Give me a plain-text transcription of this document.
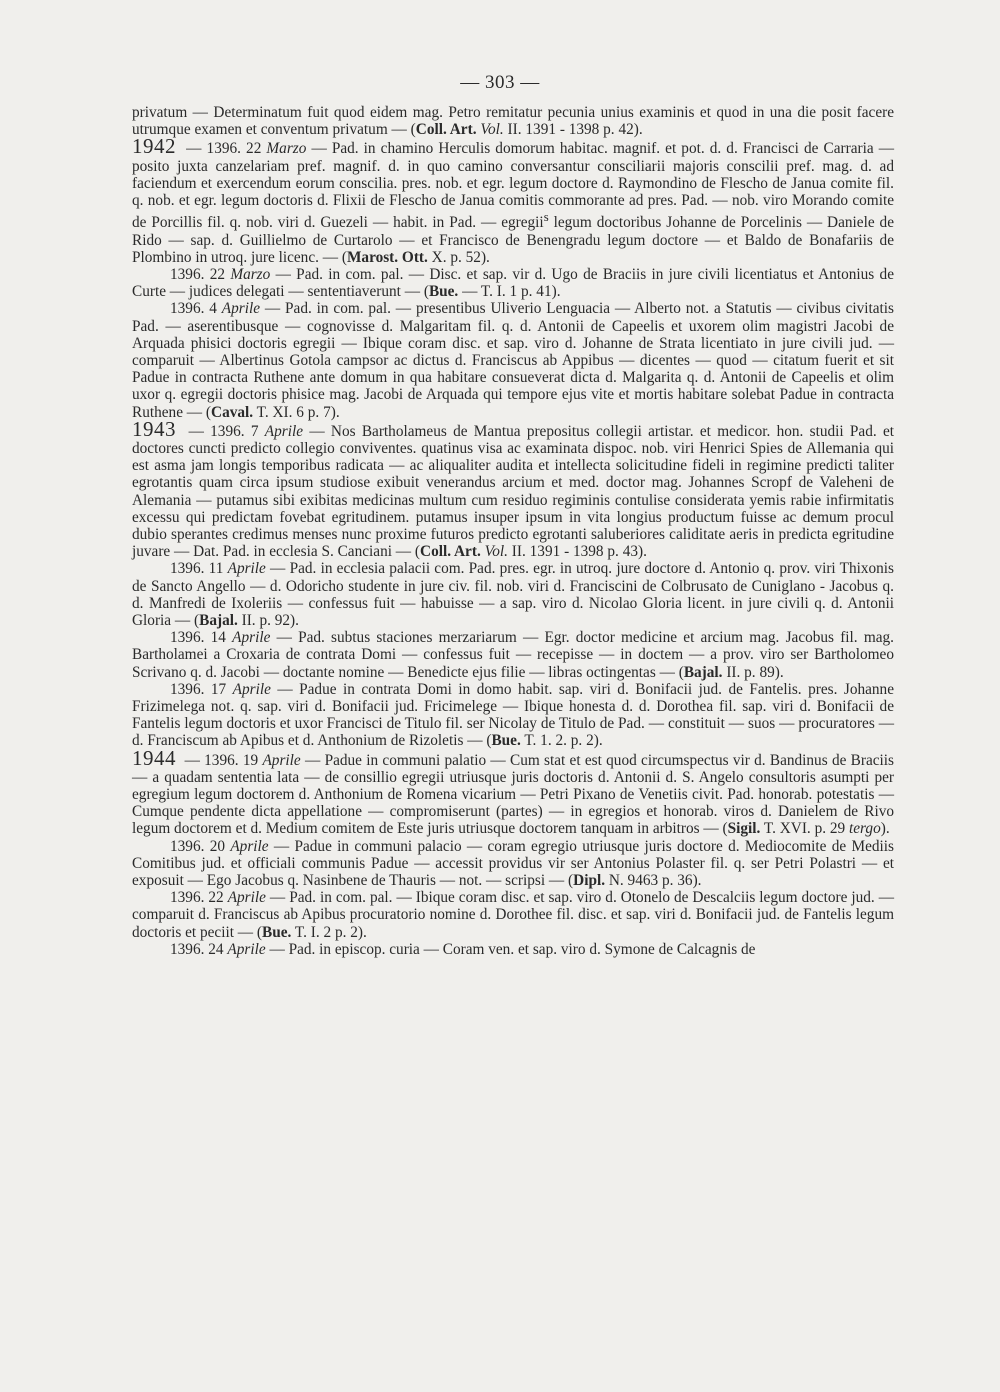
— 303 —

privatum — Determinatum fuit quod eidem mag. Petro remitatur pecunia unius examinis et quod in una die posit facere utrumque examen et conventum privatum — (Coll. Art. Vol. II. 1391 - 1398 p. 42).

1942 — 1396. 22 Marzo — Pad. in chamino Herculis domorum habitac. magnif. et pot. d. d. Francisci de Carraria — posito juxta canzelariam pref. magnif. d. in quo camino conversantur consciliarii majoris conscilii pref. mag. d. ad faciendum et exercendum eorum conscilia. pres. nob. et egr. legum doctore d. Raymondino de Flescho de Janua comite fil. q. nob. et egr. legum doctoris d. Flixii de Flescho de Janua comitis commorante ad pres. Pad. — nob. viro Morando comite de Porcillis fil. q. nob. viri d. Guezeli — habit. in Pad. — egregii$^s$ legum doctoribus Johanne de Porcelinis — Daniele de Rido — sap. d. Guillielmo de Curtarolo — et Francisco de Benengradu legum doctore — et Baldo de Bonafariis de Plombino in utroq. jure licenc. — (Marost. Ott. X. p. 52).

1396. 22 Marzo — Pad. in com. pal. — Disc. et sap. vir d. Ugo de Braciis in jure civili licentiatus et Antonius de Curte — judices delegati — sententiaverunt — (Bue. — T. I. 1 p. 41).

1396. 4 Aprile — Pad. in com. pal. — presentibus Uliverio Lenguacia — Alberto not. a Statutis — civibus civitatis Pad. — aserentibusque — cognovisse d. Malgaritam fil. q. d. Antonii de Capeelis et uxorem olim magistri Jacobi de Arquada phisici doctoris egregii — Ibique coram disc. et sap. viro d. Johanne de Strata licentiato in jure civili jud. — comparuit — Albertinus Gotola campsor ac dictus d. Franciscus ab Appibus — dicentes — quod — citatum fuerit et sit Padue in contracta Ruthene ante domum in qua habitare consueverat dicta d. Malgarita q. d. Antonii de Capeelis et olim uxor q. egregii doctoris phisice mag. Jacobi de Arquada qui tempore ejus vite et mortis habitare solebat Padue in contracta Ruthene — (Caval. T. XI. 6 p. 7).

1943 — 1396. 7 Aprile — Nos Bartholameus de Mantua prepositus collegii artistar. et medicor. hon. studii Pad. et doctores cuncti predicto collegio conviventes. quatinus visa ac examinata dispoc. nob. viri Henrici Spies de Allemania qui est asma jam longis temporibus radicata — ac aliqualiter audita et intellecta solicitudine fideli in regimine predicti taliter egrotantis quam circa ipsum studiose exibuit venerandus arcium et med. doctor mag. Johannes Scropf de Valeheni de Alemania — putamus sibi exibitas medicinas multum cum residuo regiminis contulise considerata yemis rabie infirmitatis excessu qui predictam fovebat egritudinem. putamus insuper ipsum in vita longius productum fuisse ac demum procul dubio sperantes credimus menses nunc proxime futuros predicto egrotanti saluberiores caliditate aeris in predicta egritudine juvare — Dat. Pad. in ecclesia S. Canciani — (Coll. Art. Vol. II. 1391 - 1398 p. 43).

1396. 11 Aprile — Pad. in ecclesia palacii com. Pad. pres. egr. in utroq. jure doctore d. Antonio q. prov. viri Thixonis de Sancto Angello — d. Odoricho studente in jure civ. fil. nob. viri d. Franciscini de Colbrusato de Cuniglano - Jacobus q. d. Manfredi de Ixoleriis — confessus fuit — habuisse — a sap. viro d. Nicolao Gloria licent. in jure civili q. d. Antonii Gloria — (Bajal. II. p. 92).

1396. 14 Aprile — Pad. subtus staciones merzariarum — Egr. doctor medicine et arcium mag. Jacobus fil. mag. Bartholamei a Croxaria de contrata Domi — confessus fuit — recepisse — in doctem — a prov. viro ser Bartholomeo Scrivano q. d. Jacobi — doctante nomine — Benedicte ejus filie — libras octingentas — (Bajal. II. p. 89).

1396. 17 Aprile — Padue in contrata Domi in domo habit. sap. viri d. Bonifacii jud. de Fantelis. pres. Johanne Frizimelega not. q. sap. viri d. Bonifacii jud. Fricimelege — Ibique honesta d. d. Dorothea fil. sap. viri d. Bonifacii de Fantelis legum doctoris et uxor Francisci de Titulo fil. ser Nicolay de Titulo de Pad. — constituit — suos — procuratores — d. Franciscum ab Apibus et d. Anthonium de Rizoletis — (Bue. T. 1. 2. p. 2).

1944 — 1396. 19 Aprile — Padue in communi palatio — Cum stat et est quod circumspectus vir d. Bandinus de Braciis — a quadam sententia lata — de consillio egregii utriusque juris doctoris d. Antonii d. S. Angelo consultoris asumpti per egregium legum doctorem d. Anthonium de Romena vicarium — Petri Pixano de Venetiis civit. Pad. honorab. potestatis — Cumque pendente dicta appellatione — compromiserunt (partes) — in egregios et honorab. viros d. Danielem de Rivo legum doctorem et d. Medium comitem de Este juris utriusque doctorem tanquam in arbitros — (Sigil. T. XVI. p. 29 tergo).

1396. 20 Aprile — Padue in communi palacio — coram egregio utriusque juris doctore d. Mediocomite de Mediis Comitibus jud. et officiali communis Padue — accessit providus vir ser Antonius Polaster fil. q. ser Petri Polastri — et exposuit — Ego Jacobus q. Nasinbene de Thauris — not. — scripsi — (Dipl. N. 9463 p. 36).

1396. 22 Aprile — Pad. in com. pal. — Ibique coram disc. et sap. viro d. Otonelo de Descalciis legum doctore jud. — comparuit d. Franciscus ab Apibus procuratorio nomine d. Dorothee fil. disc. et sap. viri d. Bonifacii jud. de Fantelis legum doctoris et peciit — (Bue. T. I. 2 p. 2).

1396. 24 Aprile — Pad. in episcop. curia — Coram ven. et sap. viro d. Symone de Calcagnis de
